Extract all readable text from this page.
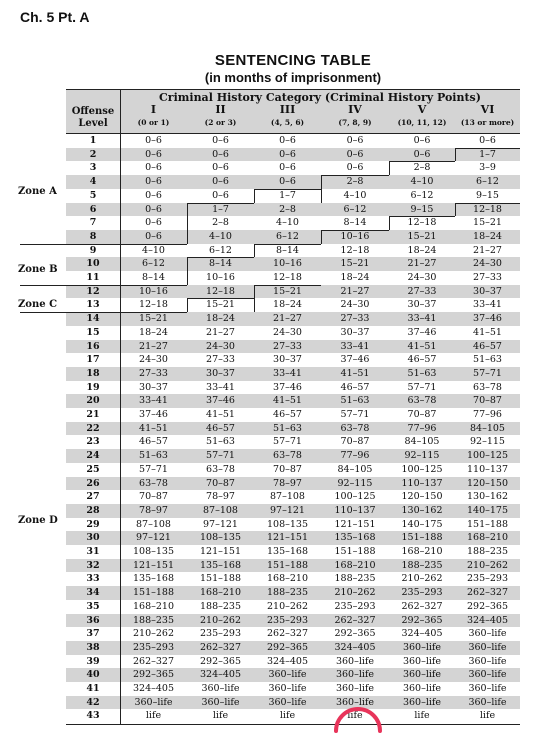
Ch. 5 Pt. A
SENTENCING TABLE
(in months of imprisonment)
Offense
Level
Criminal History Category (Criminal History Points)
I
(0 or 1)
II
(2 or 3)
III
(4, 5, 6)
IV
(7, 8, 9)
V
(10, 11, 12)
VI
(13 or more)
1	0–6	0–6	0–6	0–6	0–6	0–6
2	0–6	0–6	0–6	0–6	0–6	1–7
3	0–6	0–6	0–6	0–6	2–8	3–9
4	0–6	0–6	0–6	2–8	4–10	6–12
5	0–6	0–6	1–7	4–10	6–12	9–15
6	0–6	1–7	2–8	6–12	9–15	12–18
7	0–6	2–8	4–10	8–14	12–18	15–21
8	0–6	4–10	6–12	10–16	15–21	18–24
9	4–10	6–12	8–14	12–18	18–24	21–27
10	6–12	8–14	10–16	15–21	21–27	24–30
11	8–14	10–16	12–18	18–24	24–30	27–33
12	10–16	12–18	15–21	21–27	27–33	30–37
13	12–18	15–21	18–24	24–30	30–37	33–41
14	15–21	18–24	21–27	27–33	33–41	37–46
15	18–24	21–27	24–30	30–37	37–46	41–51
16	21–27	24–30	27–33	33–41	41–51	46–57
17	24–30	27–33	30–37	37–46	46–57	51–63
18	27–33	30–37	33–41	41–51	51–63	57–71
19	30–37	33–41	37–46	46–57	57–71	63–78
20	33–41	37–46	41–51	51–63	63–78	70–87
21	37–46	41–51	46–57	57–71	70–87	77–96
22	41–51	46–57	51–63	63–78	77–96	84–105
23	46–57	51–63	57–71	70–87	84–105	92–115
24	51–63	57–71	63–78	77–96	92–115	100–125
25	57–71	63–78	70–87	84–105	100–125	110–137
26	63–78	70–87	78–97	92–115	110–137	120–150
27	70–87	78–97	87–108	100–125	120–150	130–162
28	78–97	87–108	97–121	110–137	130–162	140–175
29	87–108	97–121	108–135	121–151	140–175	151–188
30	97–121	108–135	121–151	135–168	151–188	168–210
31	108–135	121–151	135–168	151–188	168–210	188–235
32	121–151	135–168	151–188	168–210	188–235	210–262
33	135–168	151–188	168–210	188–235	210–262	235–293
34	151–188	168–210	188–235	210–262	235–293	262–327
35	168–210	188–235	210–262	235–293	262–327	292–365
36	188–235	210–262	235–293	262–327	292–365	324–405
37	210–262	235–293	262–327	292–365	324–405	360–life
38	235–293	262–327	292–365	324–405	360–life	360–life
39	262–327	292–365	324–405	360–life	360–life	360–life
40	292–365	324–405	360–life	360–life	360–life	360–life
41	324–405	360–life	360–life	360–life	360–life	360–life
42	360–life	360–life	360–life	360–life	360–life	360–life
43	life	life	life	life	life	life
Zone A
Zone B
Zone C
Zone D
